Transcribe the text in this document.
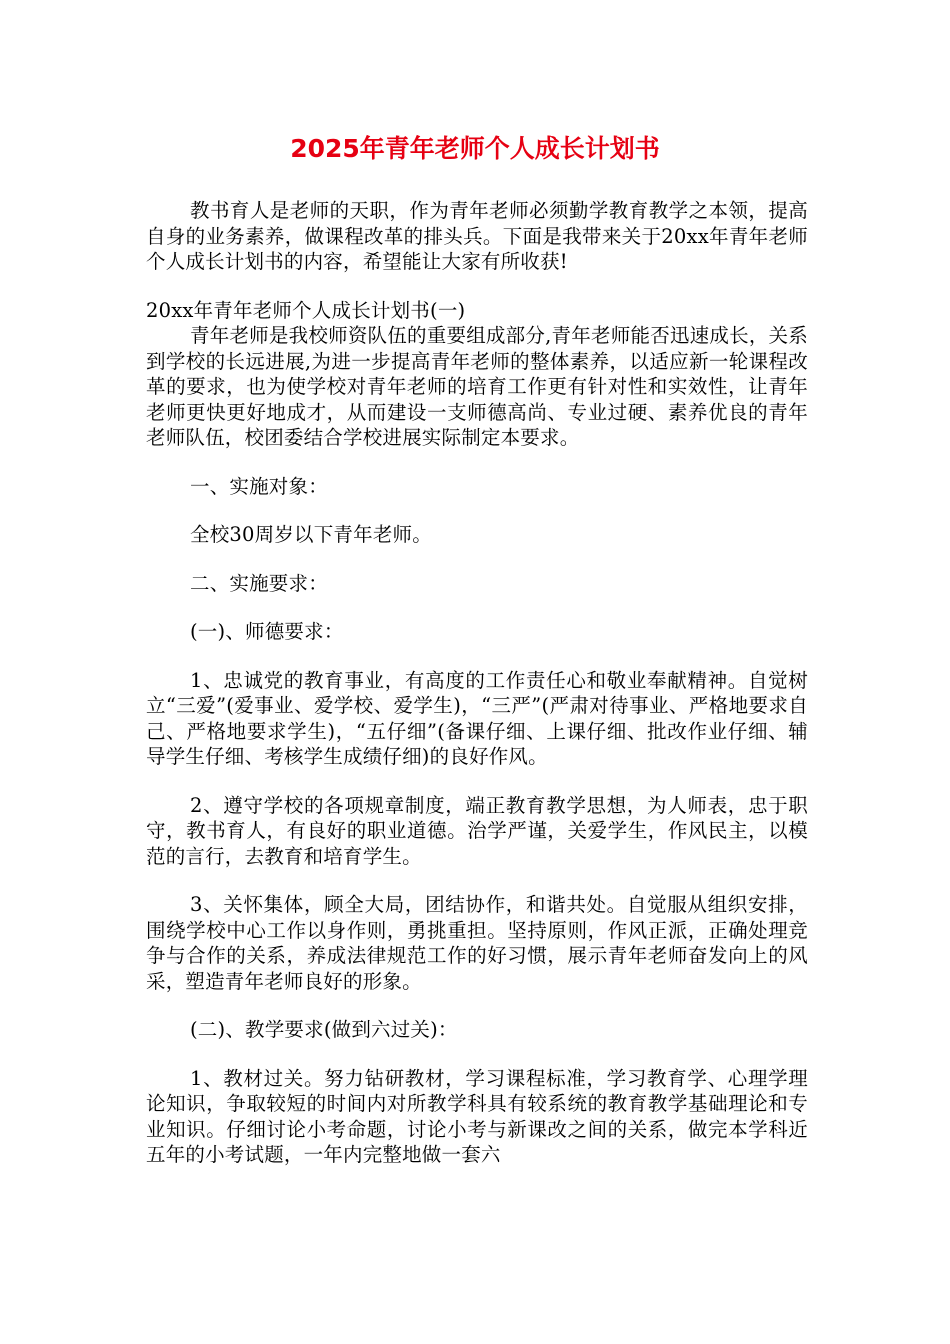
2025年青年老师个人成长计划书

教书育人是老师的天职，作为青年老师必须勤学教育教学之本领，提高自身的业务素养，做课程改革的排头兵。下面是我带来关于20xx年青年老师个人成长计划书的内容，希望能让大家有所收获!

20xx年青年老师个人成长计划书(一)

青年老师是我校师资队伍的重要组成部分,青年老师能否迅速成长，关系到学校的长远进展,为进一步提高青年老师的整体素养，以适应新一轮课程改革的要求，也为使学校对青年老师的培育工作更有针对性和实效性，让青年老师更快更好地成才，从而建设一支师德高尚、专业过硬、素养优良的青年老师队伍，校团委结合学校进展实际制定本要求。

一、实施对象：

全校30周岁以下青年老师。

二、实施要求：

(一)、师德要求：

1、忠诚党的教育事业，有高度的工作责任心和敬业奉献精神。自觉树立“三爱”(爱事业、爱学校、爱学生)，“三严”(严肃对待事业、严格地要求自己、严格地要求学生)，“五仔细”(备课仔细、上课仔细、批改作业仔细、辅导学生仔细、考核学生成绩仔细)的良好作风。

2、遵守学校的各项规章制度，端正教育教学思想，为人师表，忠于职守，教书育人，有良好的职业道德。治学严谨，关爱学生，作风民主，以模范的言行，去教育和培育学生。

3、关怀集体，顾全大局，团结协作，和谐共处。自觉服从组织安排，围绕学校中心工作以身作则，勇挑重担。坚持原则，作风正派，正确处理竞争与合作的关系，养成法律规范工作的好习惯，展示青年老师奋发向上的风采，塑造青年老师良好的形象。

(二)、教学要求(做到六过关)：

1、教材过关。努力钻研教材，学习课程标准，学习教育学、心理学理论知识，争取较短的时间内对所教学科具有较系统的教育教学基础理论和专业知识。仔细讨论小考命题，讨论小考与新课改之间的关系，做完本学科近五年的小考试题，一年内完整地做一套六
